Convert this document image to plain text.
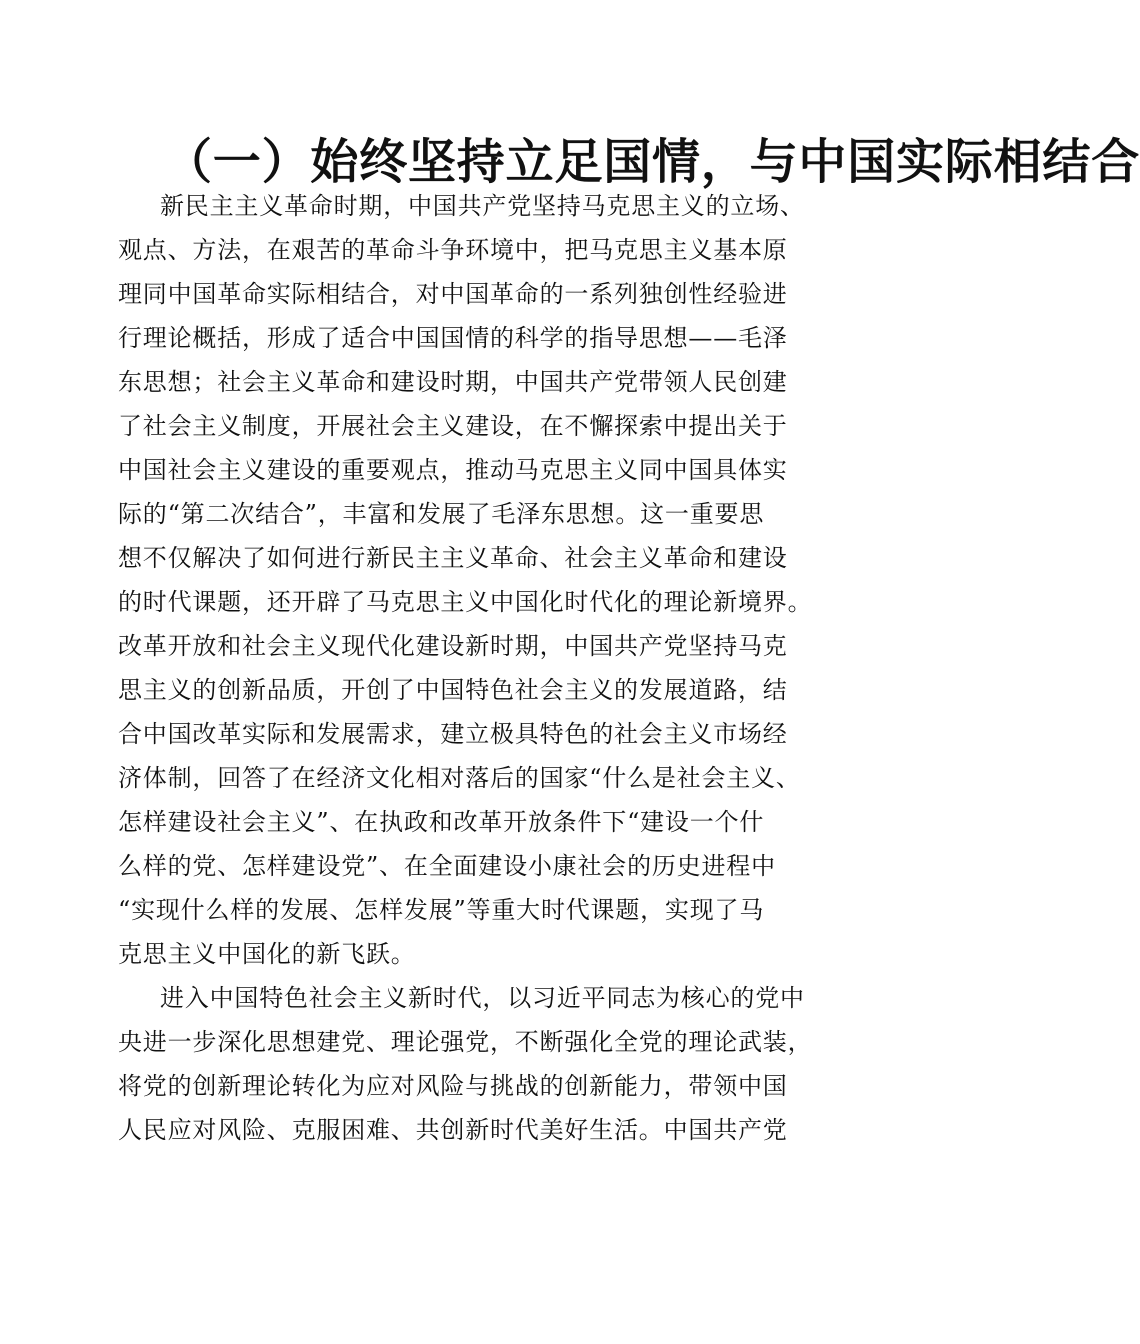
（一）始终坚持立足国情，与中国实际相结合

新民主主义革命时期，中国共产党坚持马克思主义的立场、
观点、方法，在艰苦的革命斗争环境中，把马克思主义基本原
理同中国革命实际相结合，对中国革命的一系列独创性经验进
行理论概括，形成了适合中国国情的科学的指导思想——毛泽
东思想；社会主义革命和建设时期，中国共产党带领人民创建
了社会主义制度，开展社会主义建设，在不懈探索中提出关于
中国社会主义建设的重要观点，推动马克思主义同中国具体实
际的“第二次结合”，丰富和发展了毛泽东思想。这一重要思
想不仅解决了如何进行新民主主义革命、社会主义革命和建设
的时代课题，还开辟了马克思主义中国化时代化的理论新境界。
改革开放和社会主义现代化建设新时期，中国共产党坚持马克
思主义的创新品质，开创了中国特色社会主义的发展道路，结
合中国改革实际和发展需求，建立极具特色的社会主义市场经
济体制，回答了在经济文化相对落后的国家“什么是社会主义、
怎样建设社会主义”、在执政和改革开放条件下“建设一个什
么样的党、怎样建设党”、在全面建设小康社会的历史进程中
“实现什么样的发展、怎样发展”等重大时代课题，实现了马
克思主义中国化的新飞跃。

进入中国特色社会主义新时代，以习近平同志为核心的党中
央进一步深化思想建党、理论强党，不断强化全党的理论武装，
将党的创新理论转化为应对风险与挑战的创新能力，带领中国
人民应对风险、克服困难、共创新时代美好生活。中国共产党
